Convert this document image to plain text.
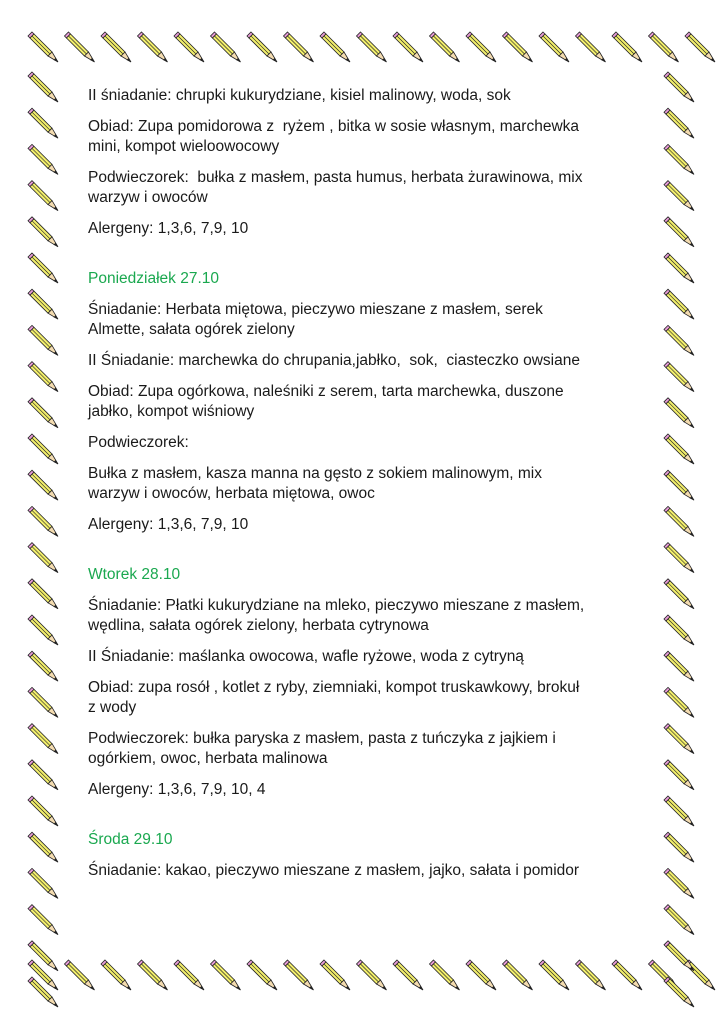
II śniadanie: chrupki kukurydziane, kisiel malinowy, woda, sok

Obiad: Zupa pomidorowa z  ryżem , bitka w sosie własnym, marchewka
mini, kompot wieloowocowy

Podwieczorek:  bułka z masłem, pasta humus, herbata żurawinowa, mix
warzyw i owoców

Alergeny: 1,3,6, 7,9, 10

Poniedziałek 27.10

Śniadanie: Herbata miętowa, pieczywo mieszane z masłem, serek
Almette, sałata ogórek zielony

II Śniadanie: marchewka do chrupania,jabłko,  sok,  ciasteczko owsiane

Obiad: Zupa ogórkowa, naleśniki z serem, tarta marchewka, duszone
jabłko, kompot wiśniowy

Podwieczorek:

Bułka z masłem, kasza manna na gęsto z sokiem malinowym, mix
warzyw i owoców, herbata miętowa, owoc

Alergeny: 1,3,6, 7,9, 10

Wtorek 28.10

Śniadanie: Płatki kukurydziane na mleko, pieczywo mieszane z masłem,
wędlina, sałata ogórek zielony, herbata cytrynowa

II Śniadanie: maślanka owocowa, wafle ryżowe, woda z cytryną

Obiad: zupa rosół , kotlet z ryby, ziemniaki, kompot truskawkowy, brokuł
z wody

Podwieczorek: bułka paryska z masłem, pasta z tuńczyka z jajkiem i
ogórkiem, owoc, herbata malinowa

Alergeny: 1,3,6, 7,9, 10, 4

Środa 29.10

Śniadanie: kakao, pieczywo mieszane z masłem, jajko, sałata i pomidor
